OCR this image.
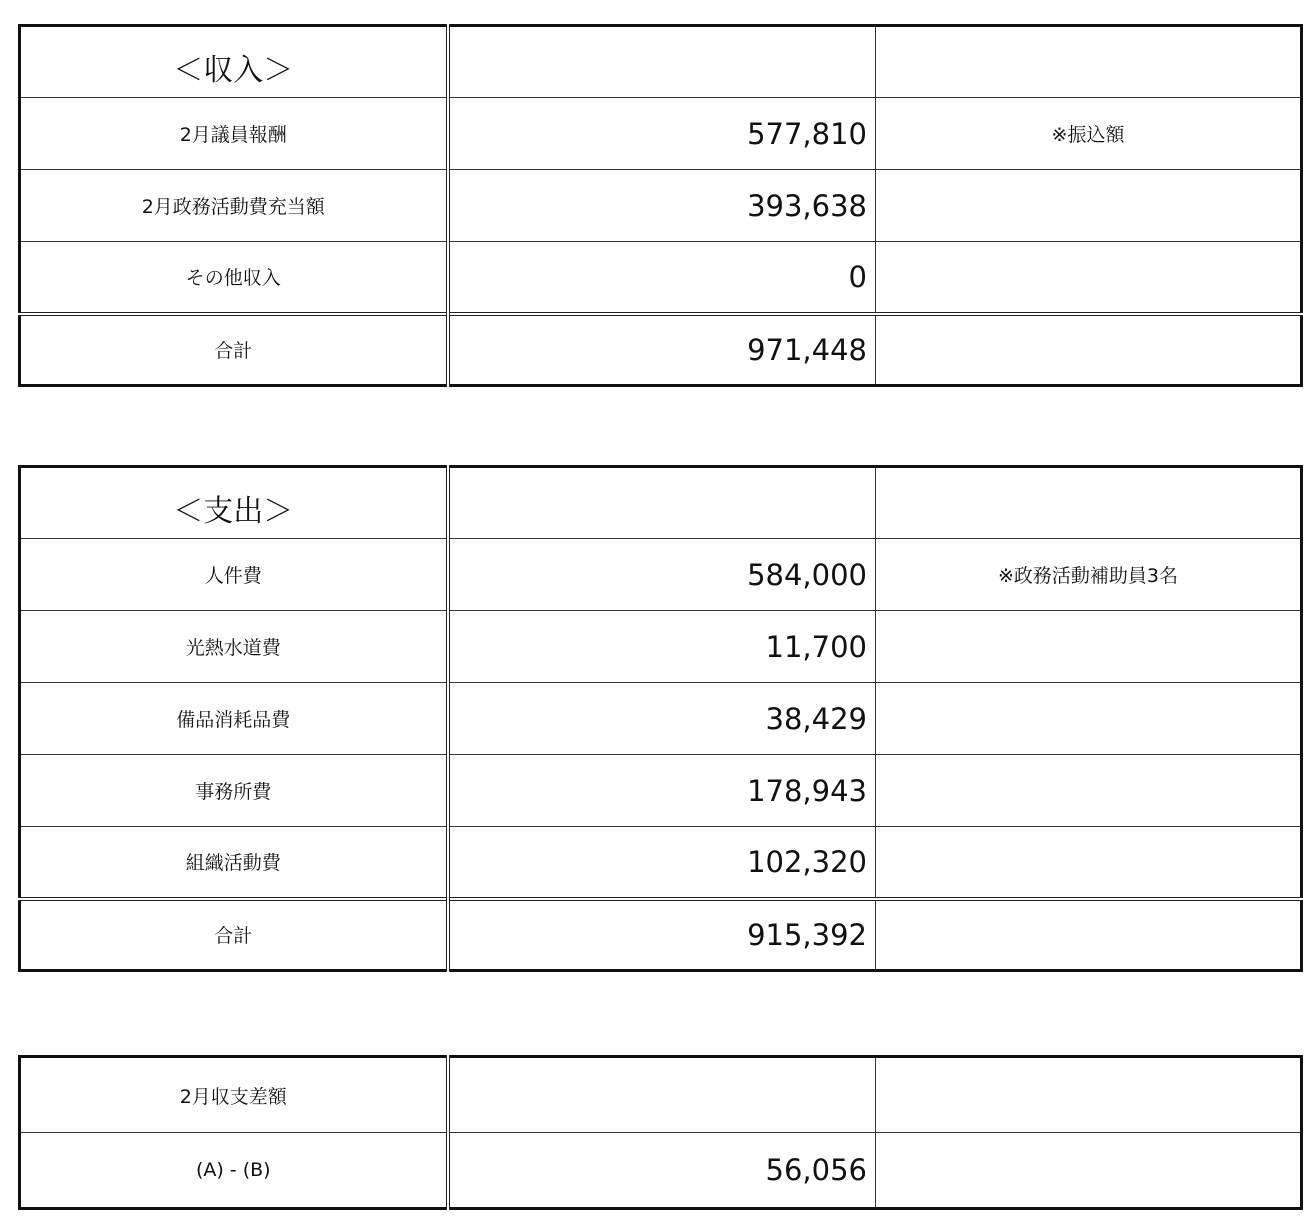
＜収入＞		
2月議員報酬	577,810	※振込額
2月政務活動費充当額	393,638	
その他収入	0	
合計	971,448	
＜支出＞		
人件費	584,000	※政務活動補助員3名
光熱水道費	11,700	
備品消耗品費	38,429	
事務所費	178,943	
組織活動費	102,320	
合計	915,392	
2月収支差額		
(A) - (B)	56,056	
